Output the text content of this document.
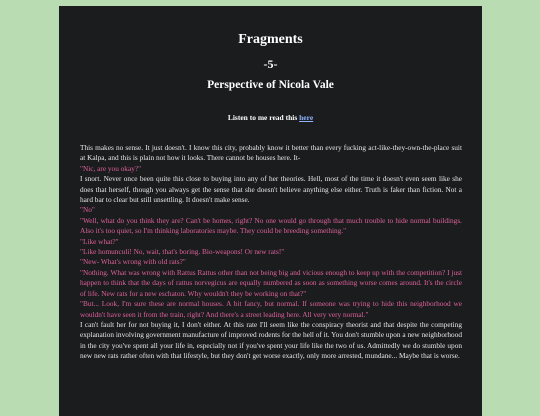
Fragments
-5-
Perspective of Nicola Vale
Listen to me read this here

This makes no sense. It just doesn't. I know this city, probably know it better than every fucking act-like-they-own-the-place suit at Kalpa, and this is plain not how it looks. There cannot be houses here. It-

"Nic, are you okay?"

I snort. Never once been quite this close to buying into any of her theories. Hell, most of the time it doesn't even seem like she does that herself, though you always get the sense that she doesn't believe anything else either. Truth is faker than fiction. Not a hard bar to clear but still unsettling. It doesn't make sense.

"No"

"Well, what do you think they are? Can't be homes, right? No one would go through that much trouble to hide normal buildings. Also it's too quiet, so I'm thinking laboratories maybe. They could be breeding something."

"Like what?"

"Like homunculi! No, wait, that's boring. Bio-weapons! Or new rats!"

"New- What's wrong with old rats?"

"Nothing. What was wrong with Rattus Rattus other than not being big and vicious enough to keep up with the competition? I just happen to think that the days of rattus norvegicus are equally numbered as soon as something worse comes around. It's the circle of life. New rats for a new eschaton. Why wouldn't they be working on that?"

"But... Look, I'm sure these are normal houses. A bit fancy, but normal. If someone was trying to hide this neighborhood we wouldn't have seen it from the train, right? And there's a street leading here. All very very normal."

I can't fault her for not buying it, I don't either. At this rate I'll seem like the conspiracy theorist and that despite the competing explanation involving government manufacture of improved rodents for the hell of it. You don't stumble upon a new neighborhood in the city you've spent all your life in, especially not if you've spent your life like the two of us. Admittedly we do stumble upon new new rats rather often with that lifestyle, but they don't get worse exactly, only more arrested, mundane... Maybe that is worse.
